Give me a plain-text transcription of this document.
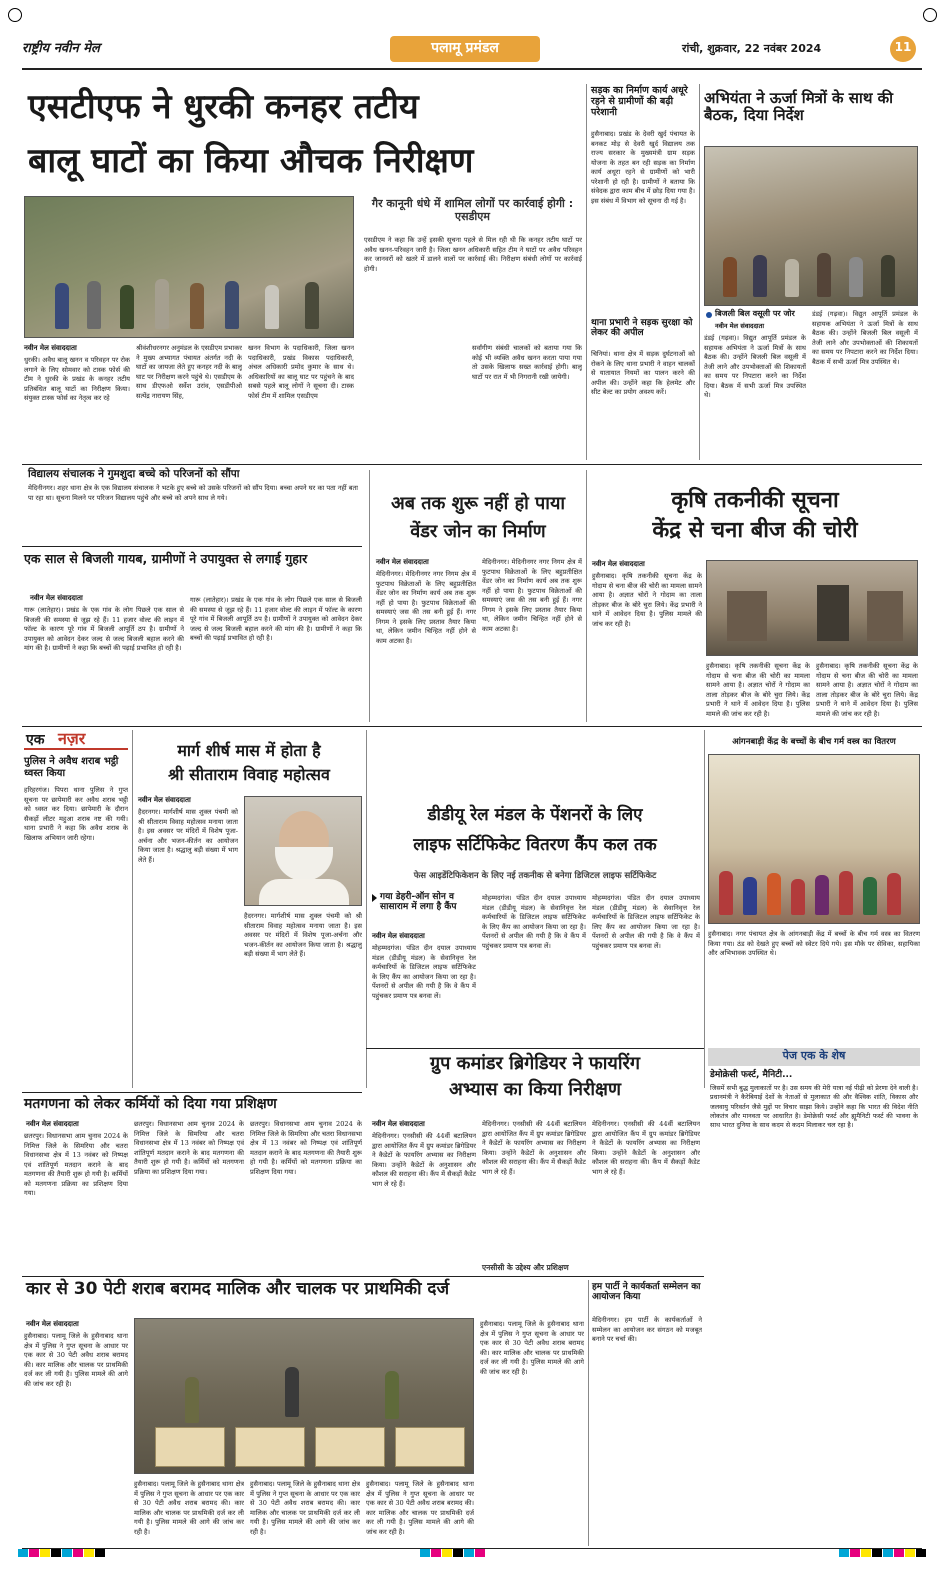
राष्ट्रीय नवीन मेल	पलामू प्रमंडल	रांची, शुक्रवार, 22 नवंबर 2024	11
एसटीएफ ने धुरकी कनहर तटीय
बालू घाटों का किया औचक निरीक्षण
गैर कानूनी धंधे में शामिल लोगों पर कार्रवाई होगी : एसडीएम
एसडीएम ने कहा कि उन्हें इसकी सूचना पहले से मिल रही थी कि कनहर तटीय घाटों पर अवैध खनन-परिवहन जारी है। जिला खनन अधिकारी सहित टीम ने घाटों पर अवैध परिवहन कर जानवरों को खतरे में डालने वालों पर कार्रवाई की। निरीक्षण संबंधी लोगों पर कार्रवाई होगी।
नवीन मेल संवाददाता
धुरकी। अवैध बालू खनन व परिवहन पर रोक लगाने के लिए सोमवार को टास्क फोर्स की टीम ने धुरकी के प्रखंड के कनहर तटीय प्रतिबंधित बालू घाटों का निरीक्षण किया। संयुक्त टास्क फोर्स का नेतृत्व कर रहे
श्रीवंशीधरनगर अनुमंडल के एसडीएम प्रभाकर ने मुख्य अभ्यागत पंचायत अंतर्गत नदी के घाटों का जायजा लेते हुए कनहर नदी के बालू घाट पर निरीक्षण करने पहुंचे थे। एसडीएम के साथ डीएफओ सर्वेश उरांव, एसडीपीओ सत्येंद्र नारायण सिंह,
खनन विभाग के पदाधिकारी, जिला खनन पदाधिकारी, प्रखंड विकास पदाधिकारी, अंचल अधिकारी प्रमोद कुमार के साथ थे। अधिकारियों का बालू घाट पर पहुंचने के बाद सबसे पहले बालू लोगों ने सूचना दी। टास्क फोर्स टीम में शामिल एसडीएम
सर्वांगीण संबंधी चालकों को बताया गया कि कोई भी व्यक्ति अवैध खनन करता पाया गया तो उसके खिलाफ सख्त कार्रवाई होगी। बालू घाटों पर रात में भी निगरानी रखी जायेगी।
सड़क का निर्माण कार्य अधूरे रहने से ग्रामीणों की बढ़ी परेशानी
हुसैनाबाद। प्रखंड के देवरी खुर्द पंचायत के बनकट मोड़ से देवरी खुर्द विद्यालय तक राज्य सरकार के मुख्यमंत्री ग्राम सड़क योजना के तहत बन रही सड़क का निर्माण कार्य अधूरा रहने से ग्रामीणों को भारी परेशानी हो रही है। ग्रामीणों ने बताया कि संवेदक द्वारा काम बीच में छोड़ दिया गया है। इस संबंध में विभाग को सूचना दी गई है।
थाना प्रभारी ने सड़क सुरक्षा को लेकर की अपील
चिनियां। थाना क्षेत्र में सड़क दुर्घटनाओं को रोकने के लिए थाना प्रभारी ने वाहन चालकों से यातायात नियमों का पालन करने की अपील की। उन्होंने कहा कि हेलमेट और सीट बेल्ट का प्रयोग अवश्य करें।
अभियंता ने ऊर्जा मित्रों के साथ की बैठक, दिया निर्देश
बिजली बिल वसूली पर जोर
नवीन मेल संवाददाता
डंडई (गढ़वा)। विद्युत आपूर्ति प्रमंडल के सहायक अभियंता ने ऊर्जा मित्रों के साथ बैठक की। उन्होंने बिजली बिल वसूली में तेजी लाने और उपभोक्ताओं की शिकायतों का समय पर निपटारा करने का निर्देश दिया। बैठक में सभी ऊर्जा मित्र उपस्थित थे।
डंडई (गढ़वा)। विद्युत आपूर्ति प्रमंडल के सहायक अभियंता ने ऊर्जा मित्रों के साथ बैठक की। उन्होंने बिजली बिल वसूली में तेजी लाने और उपभोक्ताओं की शिकायतों का समय पर निपटारा करने का निर्देश दिया। बैठक में सभी ऊर्जा मित्र उपस्थित थे।
विद्यालय संचालक ने गुमशुदा बच्चे को परिजनों को सौंपा
मेदिनीनगर। शहर थाना क्षेत्र के एक विद्यालय संचालक ने भटके हुए बच्चे को उसके परिजनों को सौंप दिया। बच्चा अपने घर का पता नहीं बता पा रहा था। सूचना मिलने पर परिजन विद्यालय पहुंचे और बच्चे को अपने साथ ले गये।
एक साल से बिजली गायब, ग्रामीणों ने उपायुक्त से लगाई गुहार
नवीन मेल संवाददाता
गारू (लातेहार)। प्रखंड के एक गांव के लोग पिछले एक साल से बिजली की समस्या से जूझ रहे हैं। 11 हजार वोल्ट की लाइन में फॉल्ट के कारण पूरे गांव में बिजली आपूर्ति ठप है। ग्रामीणों ने उपायुक्त को आवेदन देकर जल्द से जल्द बिजली बहाल करने की मांग की है। ग्रामीणों ने कहा कि बच्चों की पढ़ाई प्रभावित हो रही है।
गारू (लातेहार)। प्रखंड के एक गांव के लोग पिछले एक साल से बिजली की समस्या से जूझ रहे हैं। 11 हजार वोल्ट की लाइन में फॉल्ट के कारण पूरे गांव में बिजली आपूर्ति ठप है। ग्रामीणों ने उपायुक्त को आवेदन देकर जल्द से जल्द बिजली बहाल करने की मांग की है। ग्रामीणों ने कहा कि बच्चों की पढ़ाई प्रभावित हो रही है।
अब तक शुरू नहीं हो पाया
वेंडर जोन का निर्माण
नवीन मेल संवाददाता
मेदिनीनगर। मेदिनीनगर नगर निगम क्षेत्र में फुटपाथ विक्रेताओं के लिए बहुप्रतीक्षित वेंडर जोन का निर्माण कार्य अब तक शुरू नहीं हो पाया है। फुटपाथ विक्रेताओं की समस्याएं जस की तस बनी हुई हैं। नगर निगम ने इसके लिए प्रस्ताव तैयार किया था, लेकिन जमीन चिन्हित नहीं होने से काम अटका है।
मेदिनीनगर। मेदिनीनगर नगर निगम क्षेत्र में फुटपाथ विक्रेताओं के लिए बहुप्रतीक्षित वेंडर जोन का निर्माण कार्य अब तक शुरू नहीं हो पाया है। फुटपाथ विक्रेताओं की समस्याएं जस की तस बनी हुई हैं। नगर निगम ने इसके लिए प्रस्ताव तैयार किया था, लेकिन जमीन चिन्हित नहीं होने से काम अटका है।
कृषि तकनीकी सूचना
केंद्र से चना बीज की चोरी
नवीन मेल संवाददाता
हुसैनाबाद। कृषि तकनीकी सूचना केंद्र के गोदाम से चना बीज की चोरी का मामला सामने आया है। अज्ञात चोरों ने गोदाम का ताला तोड़कर बीज के बोरे चुरा लिये। केंद्र प्रभारी ने थाने में आवेदन दिया है। पुलिस मामले की जांच कर रही है।
हुसैनाबाद। कृषि तकनीकी सूचना केंद्र के गोदाम से चना बीज की चोरी का मामला सामने आया है। अज्ञात चोरों ने गोदाम का ताला तोड़कर बीज के बोरे चुरा लिये। केंद्र प्रभारी ने थाने में आवेदन दिया है। पुलिस मामले की जांच कर रही है।
हुसैनाबाद। कृषि तकनीकी सूचना केंद्र के गोदाम से चना बीज की चोरी का मामला सामने आया है। अज्ञात चोरों ने गोदाम का ताला तोड़कर बीज के बोरे चुरा लिये। केंद्र प्रभारी ने थाने में आवेदन दिया है। पुलिस मामले की जांच कर रही है।
एक नज़र
पुलिस ने अवैध शराब भट्ठी ध्वस्त किया
हरिहरगंज। पिपरा थाना पुलिस ने गुप्त सूचना पर छापेमारी कर अवैध शराब भट्ठी को ध्वस्त कर दिया। छापेमारी के दौरान सैकड़ों लीटर महुआ शराब नष्ट की गयी। थाना प्रभारी ने कहा कि अवैध शराब के खिलाफ अभियान जारी रहेगा।
मार्ग शीर्ष मास में होता है
श्री सीताराम विवाह महोत्सव
नवीन मेल संवाददाता
हैदरनगर। मार्गशीर्ष मास शुक्ल पंचमी को श्री सीताराम विवाह महोत्सव मनाया जाता है। इस अवसर पर मंदिरों में विशेष पूजा-अर्चना और भजन-कीर्तन का आयोजन किया जाता है। श्रद्धालु बड़ी संख्या में भाग लेते हैं।
हैदरनगर। मार्गशीर्ष मास शुक्ल पंचमी को श्री सीताराम विवाह महोत्सव मनाया जाता है। इस अवसर पर मंदिरों में विशेष पूजा-अर्चना और भजन-कीर्तन का आयोजन किया जाता है। श्रद्धालु बड़ी संख्या में भाग लेते हैं।
डीडीयू रेल मंडल के पेंशनरों के लिए
लाइफ सर्टिफिकेट वितरण कैंप कल तक
फेस आइडेंटिफिकेशन के लिए नई तकनीक से बनेगा डिजिटल लाइफ सर्टिफिकेट
गया डेहरी-ऑन सोन व सासाराम में लगा है कैंप
नवीन मेल संवाददाता
मोहम्मदगंज। पंडित दीन दयाल उपाध्याय मंडल (डीडीयू मंडल) के सेवानिवृत्त रेल कर्मचारियों के डिजिटल लाइफ सर्टिफिकेट के लिए कैंप का आयोजन किया जा रहा है। पेंशनरों से अपील की गयी है कि वे कैंप में पहुंचकर प्रमाण पत्र बनवा लें।
मोहम्मदगंज। पंडित दीन दयाल उपाध्याय मंडल (डीडीयू मंडल) के सेवानिवृत्त रेल कर्मचारियों के डिजिटल लाइफ सर्टिफिकेट के लिए कैंप का आयोजन किया जा रहा है। पेंशनरों से अपील की गयी है कि वे कैंप में पहुंचकर प्रमाण पत्र बनवा लें।
मोहम्मदगंज। पंडित दीन दयाल उपाध्याय मंडल (डीडीयू मंडल) के सेवानिवृत्त रेल कर्मचारियों के डिजिटल लाइफ सर्टिफिकेट के लिए कैंप का आयोजन किया जा रहा है। पेंशनरों से अपील की गयी है कि वे कैंप में पहुंचकर प्रमाण पत्र बनवा लें।
आंगनबाड़ी केंद्र के बच्चों के बीच गर्म वस्त्र का वितरण
हुसैनाबाद। नगर पंचायत क्षेत्र के आंगनबाड़ी केंद्र में बच्चों के बीच गर्म वस्त्र का वितरण किया गया। ठंड को देखते हुए बच्चों को स्वेटर दिये गये। इस मौके पर सेविका, सहायिका और अभिभावक उपस्थित थे।
ग्रुप कमांडर ब्रिगेडियर ने फायरिंग
अभ्यास का किया निरीक्षण
मतगणना को लेकर कर्मियों को दिया गया प्रशिक्षण
नवीन मेल संवाददाता
छतरपुर। विधानसभा आम चुनाव 2024 के निमित्त जिले के सिमरिया और चतरा विधानसभा क्षेत्र में 13 नवंबर को निष्पक्ष एवं शांतिपूर्ण मतदान कराने के बाद मतगणना की तैयारी शुरू हो गयी है। कर्मियों को मतगणना प्रक्रिया का प्रशिक्षण दिया गया।
छतरपुर। विधानसभा आम चुनाव 2024 के निमित्त जिले के सिमरिया और चतरा विधानसभा क्षेत्र में 13 नवंबर को निष्पक्ष एवं शांतिपूर्ण मतदान कराने के बाद मतगणना की तैयारी शुरू हो गयी है। कर्मियों को मतगणना प्रक्रिया का प्रशिक्षण दिया गया।
छतरपुर। विधानसभा आम चुनाव 2024 के निमित्त जिले के सिमरिया और चतरा विधानसभा क्षेत्र में 13 नवंबर को निष्पक्ष एवं शांतिपूर्ण मतदान कराने के बाद मतगणना की तैयारी शुरू हो गयी है। कर्मियों को मतगणना प्रक्रिया का प्रशिक्षण दिया गया।
नवीन मेल संवाददाता
मेदिनीनगर। एनसीसी की 44वीं बटालियन द्वारा आयोजित कैंप में ग्रुप कमांडर ब्रिगेडियर ने कैडेटों के फायरिंग अभ्यास का निरीक्षण किया। उन्होंने कैडेटों के अनुशासन और कौशल की सराहना की। कैंप में सैकड़ों कैडेट भाग ले रहे हैं।
मेदिनीनगर। एनसीसी की 44वीं बटालियन द्वारा आयोजित कैंप में ग्रुप कमांडर ब्रिगेडियर ने कैडेटों के फायरिंग अभ्यास का निरीक्षण किया। उन्होंने कैडेटों के अनुशासन और कौशल की सराहना की। कैंप में सैकड़ों कैडेट भाग ले रहे हैं।
मेदिनीनगर। एनसीसी की 44वीं बटालियन द्वारा आयोजित कैंप में ग्रुप कमांडर ब्रिगेडियर ने कैडेटों के फायरिंग अभ्यास का निरीक्षण किया। उन्होंने कैडेटों के अनुशासन और कौशल की सराहना की। कैंप में सैकड़ों कैडेट भाग ले रहे हैं।
एनसीसी के उद्देश्य और प्रशिक्षण
पेज एक के शेष
डेमोक्रेसी फर्स्ट, मैनिटी...
जिसमें सभी बुद्ध मुलाकातों पर है। उस समय की मेरी यात्रा नई पीढ़ी को प्रेरणा देने वाली है। प्रधानमंत्री ने कैरेबियाई देशों के नेताओं से मुलाकात की और वैश्विक शांति, विकास और जलवायु परिवर्तन जैसे मुद्दों पर विचार साझा किये। उन्होंने कहा कि भारत की विदेश नीति लोकतंत्र और मानवता पर आधारित है। डेमोक्रेसी फर्स्ट और ह्यूमैनिटी फर्स्ट की भावना के साथ भारत दुनिया के साथ कदम से कदम मिलाकर चल रहा है।
कार से 30 पेटी शराब बरामद मालिक और चालक पर प्राथमिकी दर्ज
नवीन मेल संवाददाता
हुसैनाबाद। पलामू जिले के हुसैनाबाद थाना क्षेत्र में पुलिस ने गुप्त सूचना के आधार पर एक कार से 30 पेटी अवैध शराब बरामद की। कार मालिक और चालक पर प्राथमिकी दर्ज कर ली गयी है। पुलिस मामले की आगे की जांच कर रही है।
हुसैनाबाद। पलामू जिले के हुसैनाबाद थाना क्षेत्र में पुलिस ने गुप्त सूचना के आधार पर एक कार से 30 पेटी अवैध शराब बरामद की। कार मालिक और चालक पर प्राथमिकी दर्ज कर ली गयी है। पुलिस मामले की आगे की जांच कर रही है।
हुसैनाबाद। पलामू जिले के हुसैनाबाद थाना क्षेत्र में पुलिस ने गुप्त सूचना के आधार पर एक कार से 30 पेटी अवैध शराब बरामद की। कार मालिक और चालक पर प्राथमिकी दर्ज कर ली गयी है। पुलिस मामले की आगे की जांच कर रही है।
हुसैनाबाद। पलामू जिले के हुसैनाबाद थाना क्षेत्र में पुलिस ने गुप्त सूचना के आधार पर एक कार से 30 पेटी अवैध शराब बरामद की। कार मालिक और चालक पर प्राथमिकी दर्ज कर ली गयी है। पुलिस मामले की आगे की जांच कर रही है।
हुसैनाबाद। पलामू जिले के हुसैनाबाद थाना क्षेत्र में पुलिस ने गुप्त सूचना के आधार पर एक कार से 30 पेटी अवैध शराब बरामद की। कार मालिक और चालक पर प्राथमिकी दर्ज कर ली गयी है। पुलिस मामले की आगे की जांच कर रही है।
हम पार्टी ने कार्यकर्ता सम्मेलन का आयोजन किया
मेदिनीनगर। हम पार्टी के कार्यकर्ताओं ने सम्मेलन का आयोजन कर संगठन को मजबूत बनाने पर चर्चा की।
